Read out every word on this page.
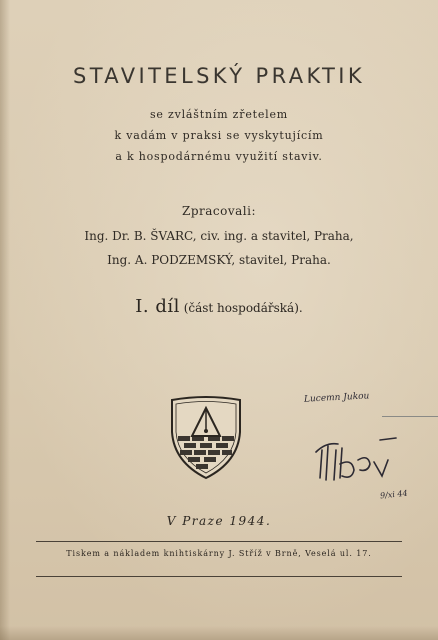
STAVITELSKÝ PRAKTIK
se zvláštním zřetelem
k vadám v praksi se vyskytujícím
a k hospodárnému využití staviv.
Zpracovali:
Ing. Dr. B. ŠVARC, civ. ing. a stavitel, Praha,
Ing. A. PODZEMSKÝ, stavitel, Praha.
I. díl (část hospodářská).
Lucemn Jukou
9/xi 44
V Praze 1944.
Tiskem a nákladem knihtiskárny J. Stříž v Brně, Veselá ul. 17.
